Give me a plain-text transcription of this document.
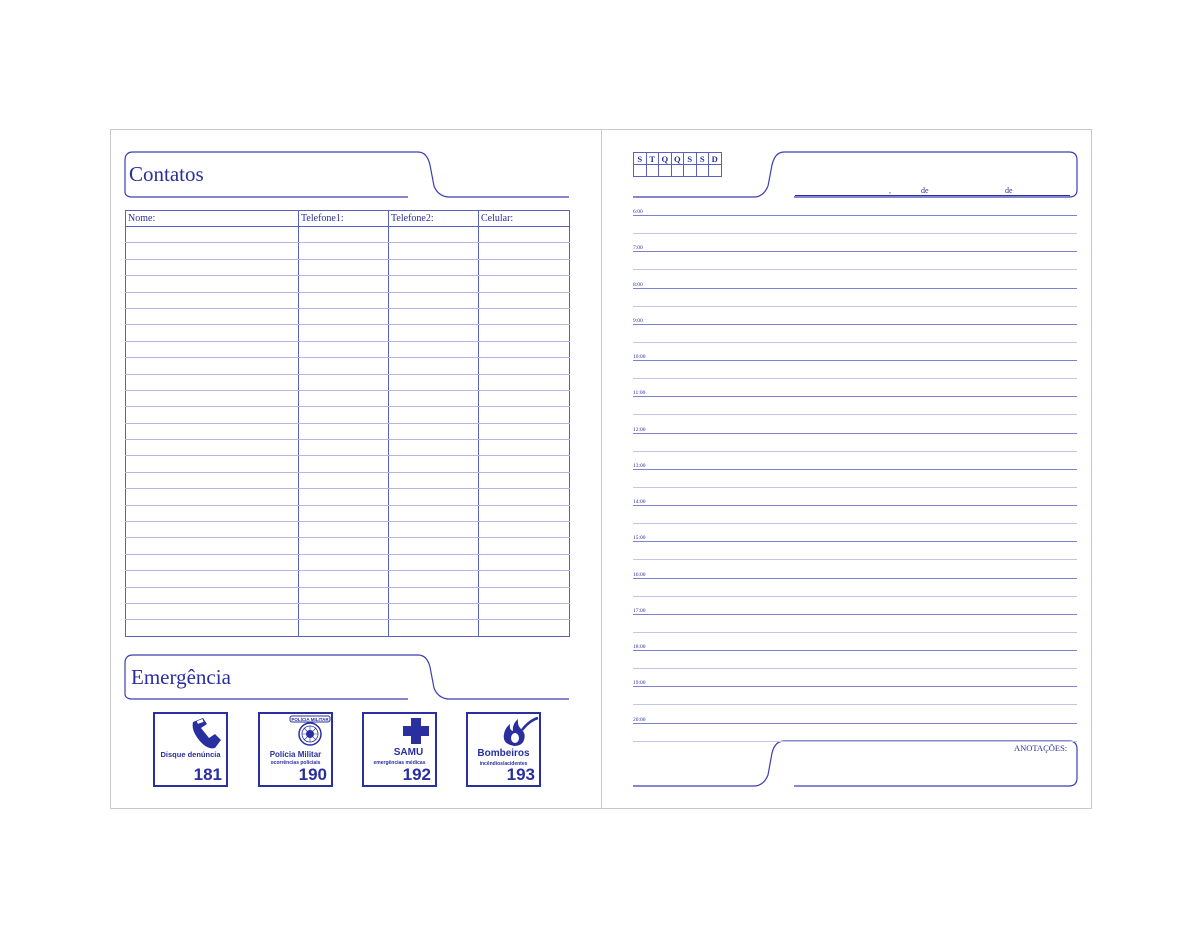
Contatos
Nome:	Telefone1:	Telefone2:	Celular:

Emergência
Disque denúncia
181
POLÍCIA MILITAR
Polícia Militar
ocorrências policiais
190
SAMU
emergências médicas
192
Bombeiros
incêndios/acidentes
193
S	T	Q	Q	S	S	D

,	de	de
6:00
7:00
8:00
9:00
10:00
11:00
12:00
13:00
14:00
15:00
16:00
17:00
18:00
19:00
20:00
ANOTAÇÕES:
